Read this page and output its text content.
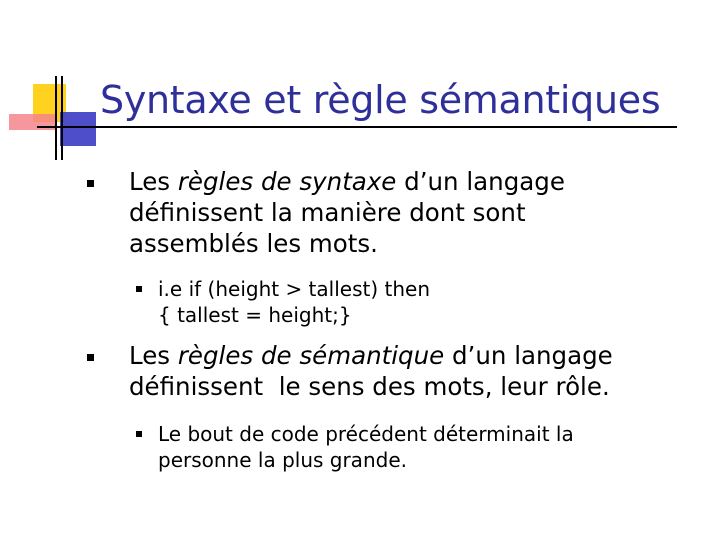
Syntaxe et règle sémantiques
Les règles de syntaxe d’un langage
définissent la manière dont sont
assemblés les mots.
i.e if (height > tallest) then
{ tallest = height;}
Les règles de sémantique d’un langage
définissent  le sens des mots, leur rôle.
Le bout de code précédent déterminait la
personne la plus grande.
